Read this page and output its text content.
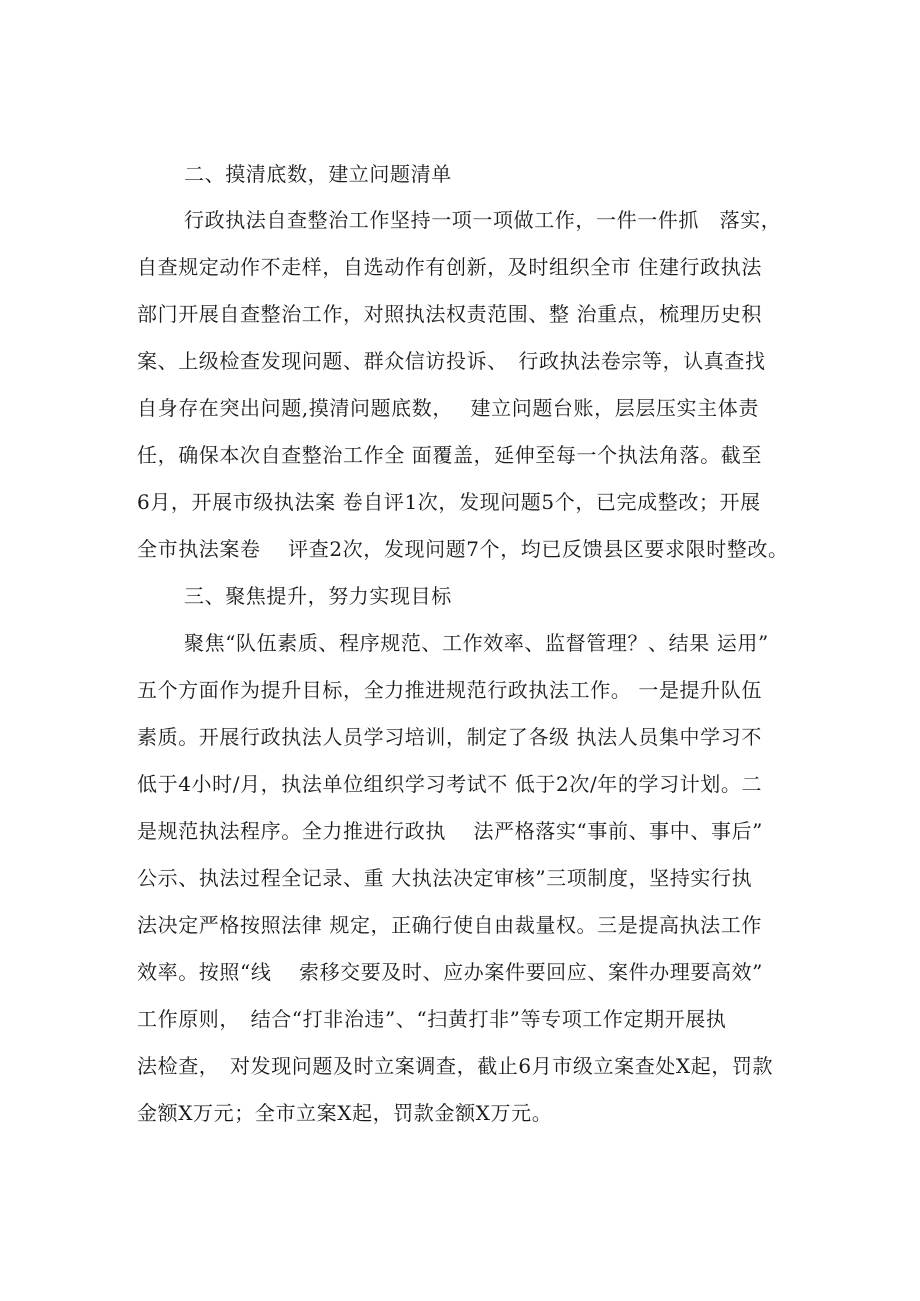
二、摸清底数，建立问题清单
行政执法自查整治工作坚持一项一项做工作，一件一件抓　落实，
自查规定动作不走样，自选动作有创新，及时组织全市 住建行政执法
部门开展自查整治工作，对照执法权责范围、整 治重点，梳理历史积
案、上级检查发现问题、群众信访投诉、　行政执法卷宗等，认真查找
自身存在突出问题,摸清问题底数，　 建立问题台账，层层压实主体责
任，确保本次自查整治工作全 面覆盖，延伸至每一个执法角落。截至
6月，开展市级执法案 卷自评1次，发现问题5个，已完成整改；开展
全市执法案卷　 评查2次，发现问题7个，均已反馈县区要求限时整改。
三、聚焦提升，努力实现目标
聚焦“队伍素质、程序规范、工作效率、监督管理？、结果 运用”
五个方面作为提升目标，全力推进规范行政执法工作。 一是提升队伍
素质。开展行政执法人员学习培训，制定了各级 执法人员集中学习不
低于4小时/月，执法单位组织学习考试不 低于2次/年的学习计划。二
是规范执法程序。全力推进行政执　 法严格落实“事前、事中、事后”
公示、执法过程全记录、重 大执法决定审核”三项制度，坚持实行执
法决定严格按照法律 规定，正确行使自由裁量权。三是提高执法工作
效率。按照“线　 索移交要及时、应办案件要回应、案件办理要高效”
工作原则，　结合“打非治违”、“扫黄打非”等专项工作定期开展执
法检查，　对发现问题及时立案调查，截止6月市级立案查处X起，罚款
金额X万元；全市立案X起，罚款金额X万元。
